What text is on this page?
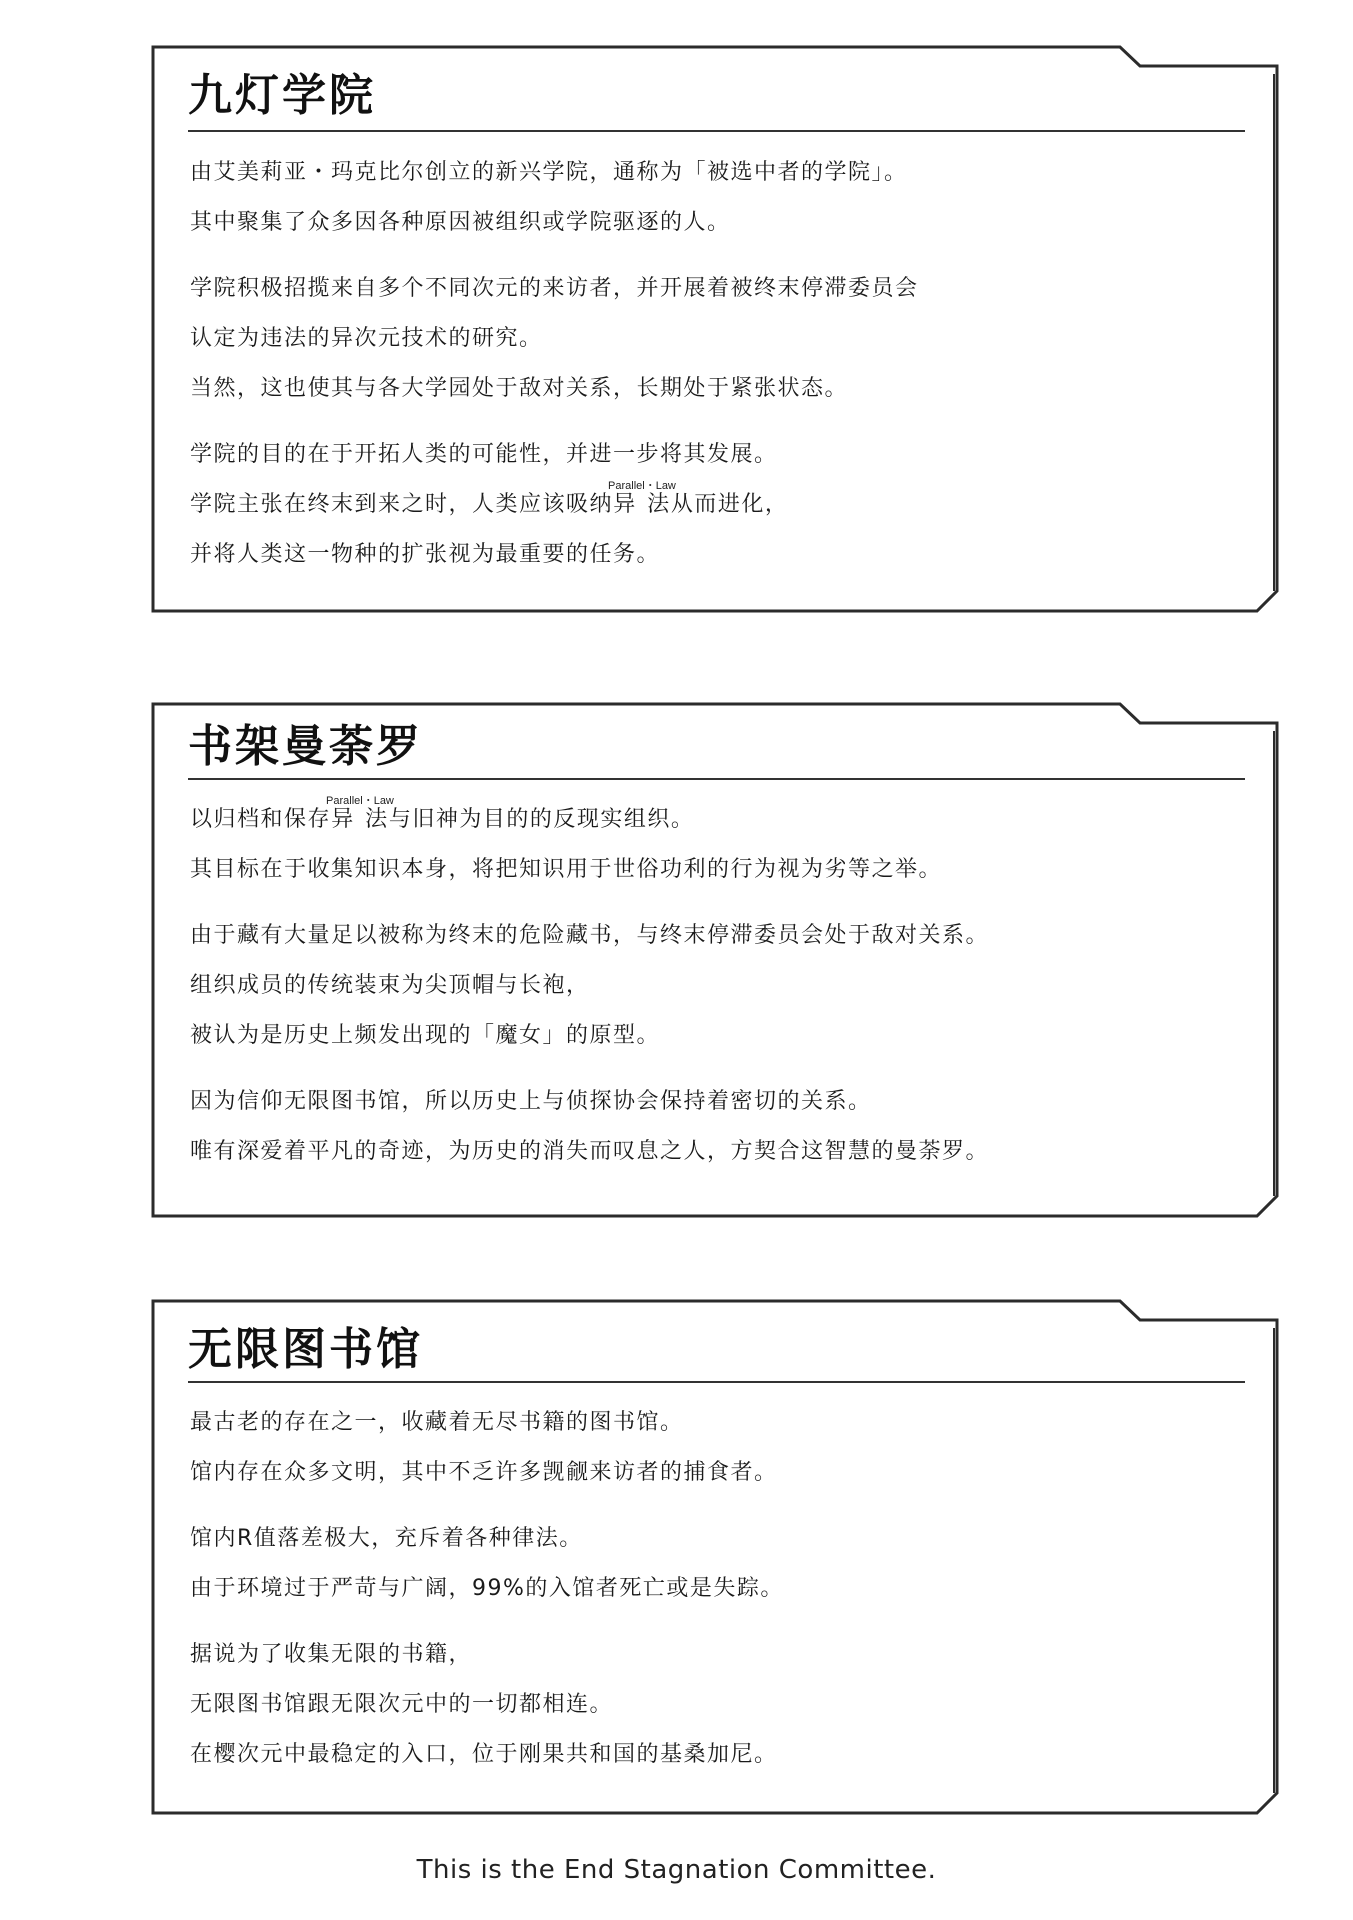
九灯学院
由艾美莉亚・玛克比尔创立的新兴学院，通称为「被选中者的学院」。
其中聚集了众多因各种原因被组织或学院驱逐的人。
学院积极招揽来自多个不同次元的来访者，并开展着被终末停滞委员会
认定为违法的异次元技术的研究。
当然，这也使其与各大学园处于敌对关系，长期处于紧张状态。
学院的目的在于开拓人类的可能性，并进一步将其发展。
学院主张在终末到来之时，人类应该吸纳异法Parallel・Law从而进化，
并将人类这一物种的扩张视为最重要的任务。
书架曼荼罗
以归档和保存异法Parallel・Law与旧神为目的的反现实组织。
其目标在于收集知识本身，将把知识用于世俗功利的行为视为劣等之举。
由于藏有大量足以被称为终末的危险藏书，与终末停滞委员会处于敌对关系。
组织成员的传统装束为尖顶帽与长袍，
被认为是历史上频发出现的「魔女」的原型。
因为信仰无限图书馆，所以历史上与侦探协会保持着密切的关系。
唯有深爱着平凡的奇迹，为历史的消失而叹息之人，方契合这智慧的曼荼罗。
无限图书馆
最古老的存在之一，收藏着无尽书籍的图书馆。
馆内存在众多文明，其中不乏许多觊觎来访者的捕食者。
馆内R值落差极大，充斥着各种律法。
由于环境过于严苛与广阔，99%的入馆者死亡或是失踪。
据说为了收集无限的书籍，
无限图书馆跟无限次元中的一切都相连。
在樱次元中最稳定的入口，位于刚果共和国的基桑加尼。
This is the End Stagnation Committee.
